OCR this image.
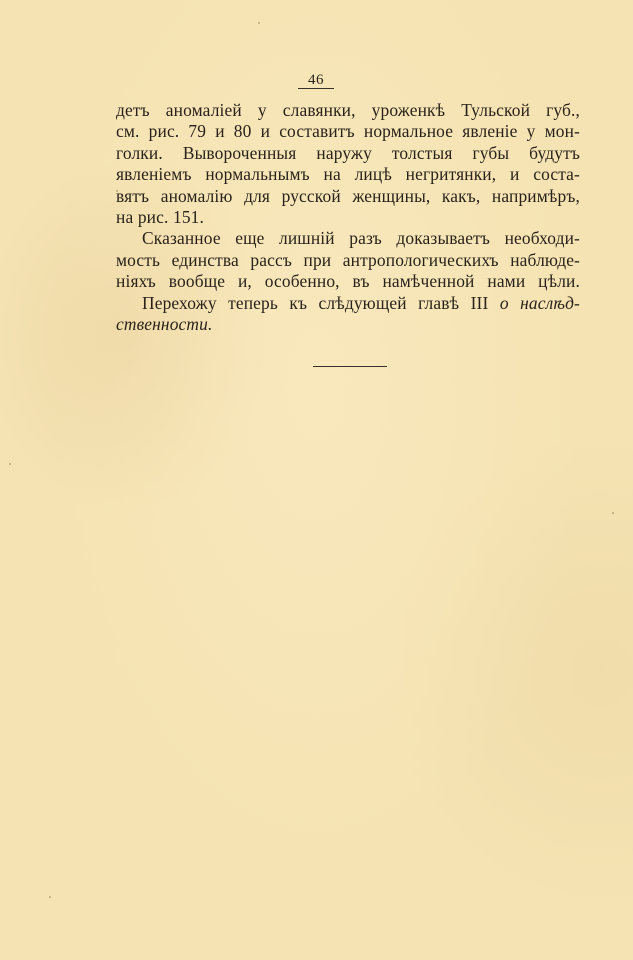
46

детъ аномаліей у славянки, уроженкѣ Тульской губ.,
см. рис. 79 и 80 и составитъ нормальное явленіе у мон-
голки. Вывороченныя наружу толстыя губы будутъ
явленіемъ нормальнымъ на лицѣ негритянки, и соста-
вятъ аномалію для русской женщины, какъ, напримѣръ,
на рис. 151.

Сказанное еще лишній разъ доказываетъ необходи-
мость единства рассъ при антропологическихъ наблюде-
ніяхъ вообще и, особенно, въ намѣченной нами цѣли.

Перехожу теперь къ слѣдующей главѣ III о наслѣд-
ственности.
